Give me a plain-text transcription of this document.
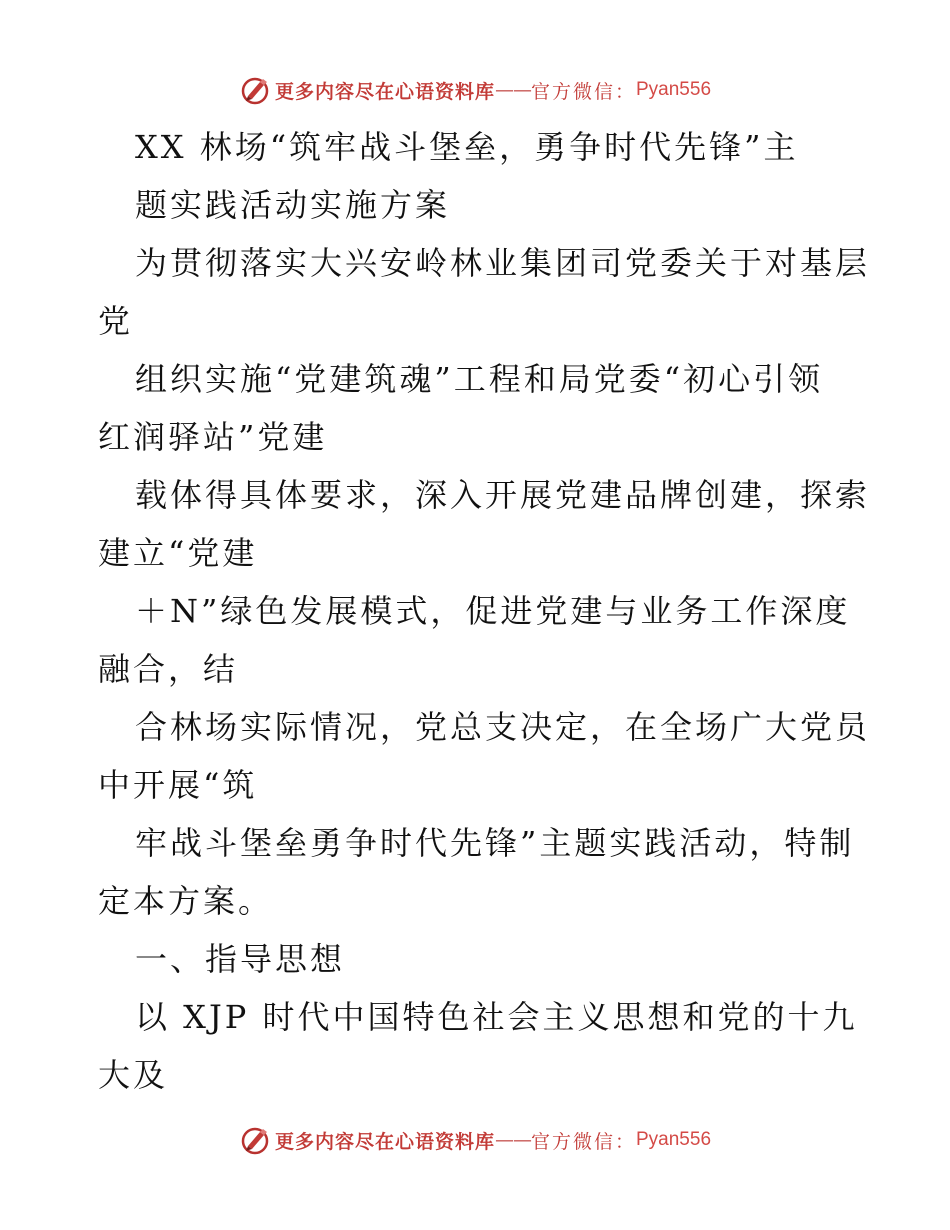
更多内容尽在心语资料库 —— 官方微信： Pyan556
XX 林场“筑牢战斗堡垒，勇争时代先锋”主
题实践活动实施方案
为贯彻落实大兴安岭林业集团司党委关于对基层
党
组织实施“党建筑魂”工程和局党委“初心引领
红润驿站”党建
载体得具体要求，深入开展党建品牌创建，探索
建立“党建
＋N”绿色发展模式，促进党建与业务工作深度
融合，结
合林场实际情况，党总支决定，在全场广大党员
中开展“筑
牢战斗堡垒勇争时代先锋”主题实践活动，特制
定本方案。
一、指导思想
以 XJP 时代中国特色社会主义思想和党的十九
大及
更多内容尽在心语资料库 —— 官方微信： Pyan556
